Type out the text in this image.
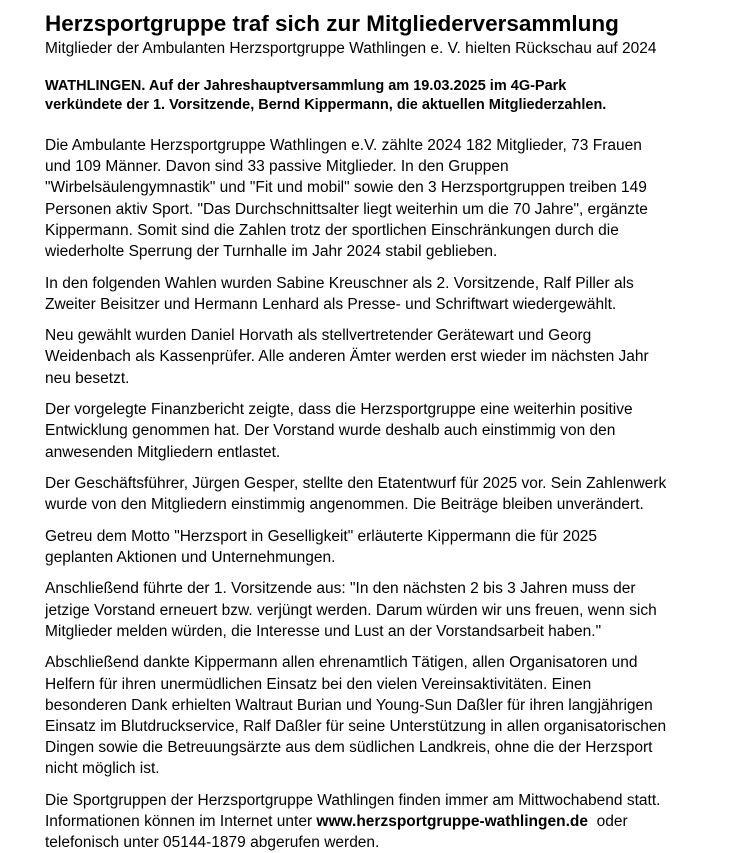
Herzsportgruppe traf sich zur Mitgliederversammlung
Mitglieder der Ambulanten Herzsportgruppe Wathlingen e. V. hielten Rückschau auf 2024
WATHLINGEN. Auf der Jahreshauptversammlung am 19.03.2025 im 4G-Park
verkündete der 1. Vorsitzende, Bernd Kippermann, die aktuellen Mitgliederzahlen.

Die Ambulante Herzsportgruppe Wathlingen e.V. zählte 2024 182 Mitglieder, 73 Frauen
und 109 Männer. Davon sind 33 passive Mitglieder. In den Gruppen
"Wirbelsäulengymnastik" und "Fit und mobil" sowie den 3 Herzsportgruppen treiben 149
Personen aktiv Sport. "Das Durchschnittsalter liegt weiterhin um die 70 Jahre", ergänzte
Kippermann. Somit sind die Zahlen trotz der sportlichen Einschränkungen durch die
wiederholte Sperrung der Turnhalle im Jahr 2024 stabil geblieben.

In den folgenden Wahlen wurden Sabine Kreuschner als 2. Vorsitzende, Ralf Piller als
Zweiter Beisitzer und Hermann Lenhard als Presse- und Schriftwart wiedergewählt.

Neu gewählt wurden Daniel Horvath als stellvertretender Gerätewart und Georg
Weidenbach als Kassenprüfer. Alle anderen Ämter werden erst wieder im nächsten Jahr
neu besetzt.

Der vorgelegte Finanzbericht zeigte, dass die Herzsportgruppe eine weiterhin positive
Entwicklung genommen hat. Der Vorstand wurde deshalb auch einstimmig von den
anwesenden Mitgliedern entlastet.

Der Geschäftsführer, Jürgen Gesper, stellte den Etatentwurf für 2025 vor. Sein Zahlenwerk
wurde von den Mitgliedern einstimmig angenommen. Die Beiträge bleiben unverändert.

Getreu dem Motto "Herzsport in Geselligkeit" erläuterte Kippermann die für 2025
geplanten Aktionen und Unternehmungen.

Anschließend führte der 1. Vorsitzende aus: "In den nächsten 2 bis 3 Jahren muss der
jetzige Vorstand erneuert bzw. verjüngt werden. Darum würden wir uns freuen, wenn sich
Mitglieder melden würden, die Interesse und Lust an der Vorstandsarbeit haben."

Abschließend dankte Kippermann allen ehrenamtlich Tätigen, allen Organisatoren und
Helfern für ihren unermüdlichen Einsatz bei den vielen Vereinsaktivitäten. Einen
besonderen Dank erhielten Waltraut Burian und Young-Sun Daßler für ihren langjährigen
Einsatz im Blutdruckservice, Ralf Daßler für seine Unterstützung in allen organisatorischen
Dingen sowie die Betreuungsärzte aus dem südlichen Landkreis, ohne die der Herzsport
nicht möglich ist.

Die Sportgruppen der Herzsportgruppe Wathlingen finden immer am Mittwochabend statt.
Informationen können im Internet unter www.herzsportgruppe-wathlingen.de  oder
telefonisch unter 05144-1879 abgerufen werden.
